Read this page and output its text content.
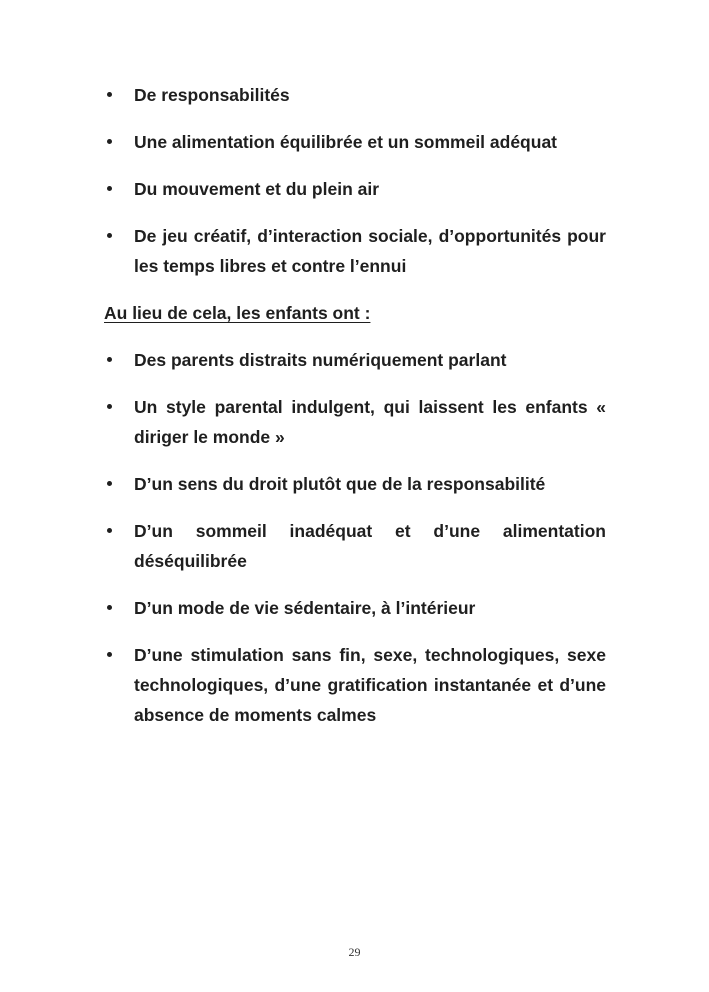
De responsabilités
Une alimentation équilibrée et un sommeil adéquat
Du mouvement et du plein air
De jeu créatif, d’interaction sociale, d’opportunités pour les temps libres et contre l’ennui
Au lieu de cela, les enfants ont :
Des parents distraits numériquement parlant
Un style parental indulgent, qui laissent les enfants « diriger le monde »
D’un sens du droit plutôt que de la responsabilité
D’un sommeil inadéquat et d’une alimentation déséquilibrée
D’un mode de vie sédentaire, à l’intérieur
D’une stimulation sans fin, sexe, technologiques, sexe technologiques, d’une gratification instantanée et d’une absence de moments calmes
29
